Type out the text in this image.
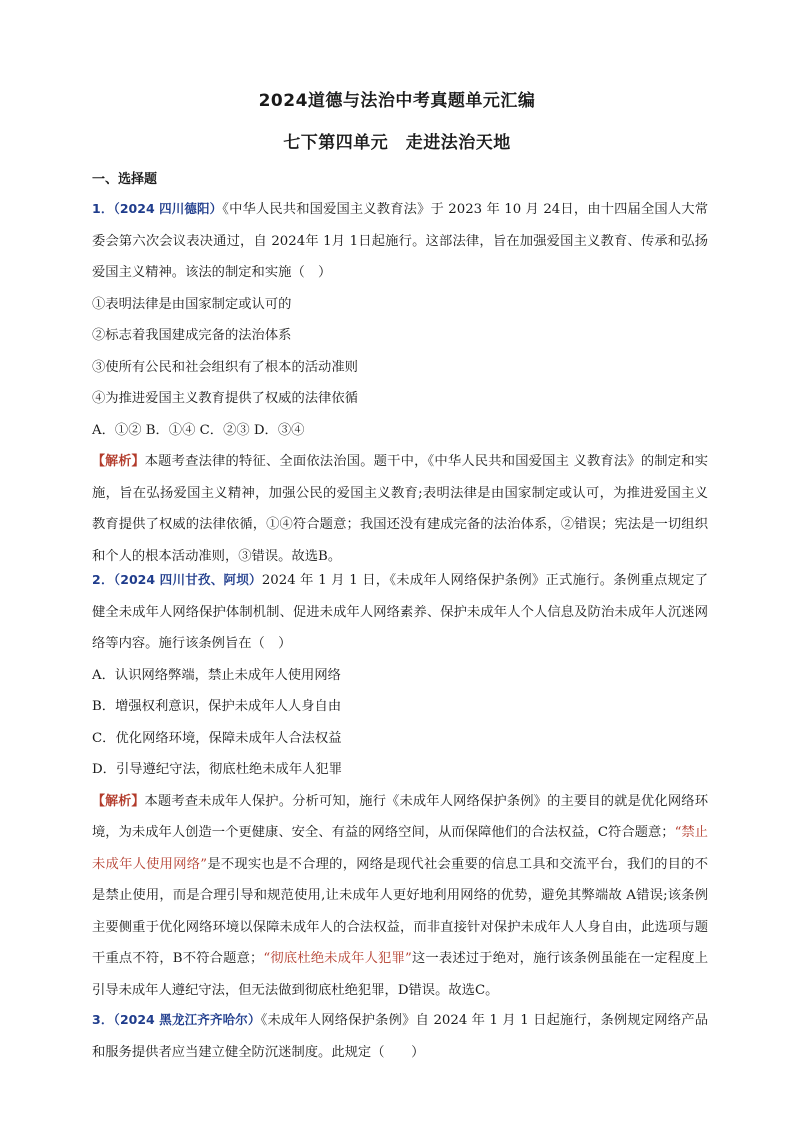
2024道德与法治中考真题单元汇编
七下第四单元　走进法治天地
一、选择题

1．（2024 四川德阳）《中华人民共和国爱国主义教育法》于 2023 年 10 月 24日，由十四届全国人大常委会第六次会议表决通过，自 2024年 1月 1日起施行。这部法律，旨在加强爱国主义教育、传承和弘扬爱国主义精神。该法的制定和实施（　）

①表明法律是由国家制定或认可的

②标志着我国建成完备的法治体系

③使所有公民和社会组织有了根本的活动准则

④为推进爱国主义教育提供了权威的法律依循

A．①② B．①④ C．②③ D．③④

【解析】本题考查法律的特征、全面依法治国。题干中，《中华人民共和国爱国主 义教育法》的制定和实施，旨在弘扬爱国主义精神，加强公民的爱国主义教育;表明法律是由国家制定或认可，为推进爱国主义教育提供了权威的法律依循，①④符合题意；我国还没有建成完备的法治体系，②错误；宪法是一切组织和个人的根本活动准则，③错误。故选B。

2．（2024 四川甘孜、阿坝）2024 年 1 月 1 日，《未成年人网络保护条例》正式施行。条例重点规定了健全未成年人网络保护体制机制、促进未成年人网络素养、保护未成年人个人信息及防治未成年人沉迷网络等内容。施行该条例旨在（　）

A．认识网络弊端，禁止未成年人使用网络

B．增强权利意识，保护未成年人人身自由

C．优化网络环境，保障未成年人合法权益

D．引导遵纪守法，彻底杜绝未成年人犯罪

【解析】本题考查未成年人保护。分析可知，施行《未成年人网络保护条例》的主要目的就是优化网络环境，为未成年人创造一个更健康、安全、有益的网络空间，从而保障他们的合法权益，C符合题意；“禁止未成年人使用网络”是不现实也是不合理的，网络是现代社会重要的信息工具和交流平台，我们的目的不是禁止使用，而是合理引导和规范使用,让未成年人更好地利用网络的优势，避免其弊端故 A错误;该条例主要侧重于优化网络环境以保障未成年人的合法权益，而非直接针对保护未成年人人身自由，此选项与题干重点不符，B不符合题意；“彻底杜绝未成年人犯罪”这一表述过于绝对，施行该条例虽能在一定程度上引导未成年人遵纪守法，但无法做到彻底杜绝犯罪，D错误。故选C。

3．（2024 黑龙江齐齐哈尔）《未成年人网络保护条例》自 2024 年 1 月 1 日起施行，条例规定网络产品和服务提供者应当建立健全防沉迷制度。此规定（　　）
